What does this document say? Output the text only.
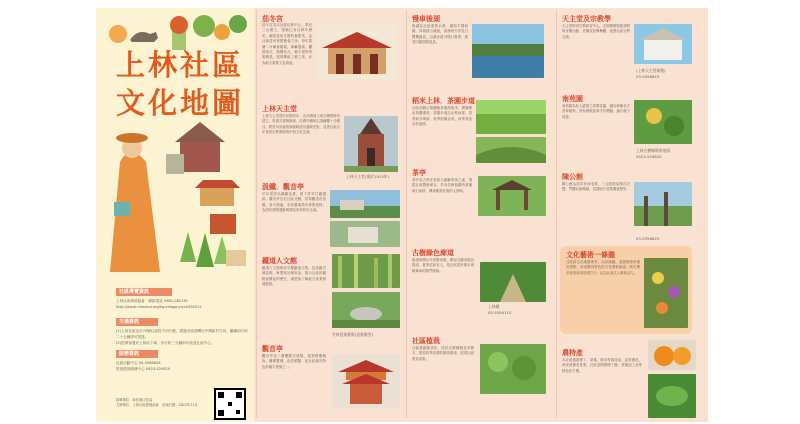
上林社區
文化地圖
社區導覽資訊
上林社區發展協會　聯絡電話 0981-082161
http://dwsb.nlmaicd.org/tw/village/ylysl/430512
交通資訊
(1)上林社區由台74號往南投方向行駛，經過市區後轉往中興新村方向，繼續前行約二十分鐘即可抵達。
(2)搭乘客運於上林站下車，步行約三分鐘即可抵達社區中心。
服務資訊
社區活動中心 04-5566626
旅遊諮詢服務中心 0923-520820
指導單位：彰化縣文化局
主辦單位：上林社區發展協會　出版日期：2012年11月
茄冬宮
茄冬宮為本社區信仰中心，奉祀三山國王，建廟已有百餘年歷史。廟前老茄冬樹枝葉繁茂，為社區居民休憩聚會之所。每年農曆二月廟會慶典，神轎遶境，鑼鼓喧天，熱鬧非凡。廟宇屋脊剪黏精美，展現傳統工藝之美，亦為地方重要文化資產。
上林天主堂
上林天主堂建於民國初年，由外國神父來台傳教時所建立，哥德式建築風格，紅磚外牆與尖頂鐘樓十分醒目。教堂內彩繪玻璃窗映照出溫暖光影，見證社區百年來的宗教發展與中西文化交流。
上林天主堂(建於1913年)
汲鐵．觀音亭
早年居民以鑄鐵為業，留下許多打鐵遺跡。觀音亭位於社區北側，供奉觀世音菩薩，香火鼎盛，亭前廣場設有休憩座椅，為居民晨間運動與閒話家常的好去處。
鐵道人文館
鐵道人文館保存早期鐵道文物，包括舊式號誌燈、車票與站務用品，展示社區因鐵路而興起的歷史，讓遊客了解地方產業發展脈絡。
竹林意象藝術(意象模型)
觀音亭
觀音亭為三層樓閣式建築，屋頂飛簷翹角，雕樑畫棟，色彩鮮豔，是社區最具特色的廟宇建築之一。
慢車後湖
後湖為社區重要水源，湖面平靜如鏡，四周群山環繞，清晨時分常見白鷺鷥棲息。沿湖步道可慢行賞景，感受田園悠閒氣息。
稻米上林．茶園步道
社區西側丘陵種植茶葉與稻米，層層梯田景觀優美。茶園步道沿山勢而建，春季新芽翠綠，秋季稻穗金黃，四季景致各有風情。
茶亭
茶亭為古時往來旅人歇腳奉茶之處，現經社區整修保存，亭內仍保留舊時茶桶與石桌椅，傳承樂善好施的人情味。
古樹綠色廊道
廊道兩側百年老樹成蔭，樹冠交織成綠色隧道，夏季清涼宜人，是社區居民散步與騎單車的熱門路線。
上林橋
05-5556115
社區植栽
社區推動綠美化，居民自發種植花草樹木，營造四季花開的優美環境，展現社區營造成果。
天主堂及宗教學
天主堂附設宗教研習中心，定期舉辦聖經課程與音樂活動，並開放民眾參觀，促進社區宗教交流。
(上林天主堂新館)
03-5556825
南苑園
南苑園為私人經營之休閒花園，園內栽種各式香草植物，設有餐飲區與手作體驗，適合親子同遊。
上林古樹廣場南苑園
0923-520820
陳公館
陳公館為清末仕紳宅第，三合院格局保存完整，門樓彩繪精緻，見證地方望族興衰歷史。
03-5556825
文化藝術一條龍
社區結合在地藝術家，以彩繪牆、裝置藝術串連各景點，形成獨具特色的文化藝術廊道，吸引眾多遊客前來拍照打卡，也為社區注入嶄新活力。
農特產
本社區盛產柳丁、茶葉、稻米等農產品，品質優良，深受消費者喜愛。社區並開發柳丁醋、茶葉加工品等特色伴手禮。
